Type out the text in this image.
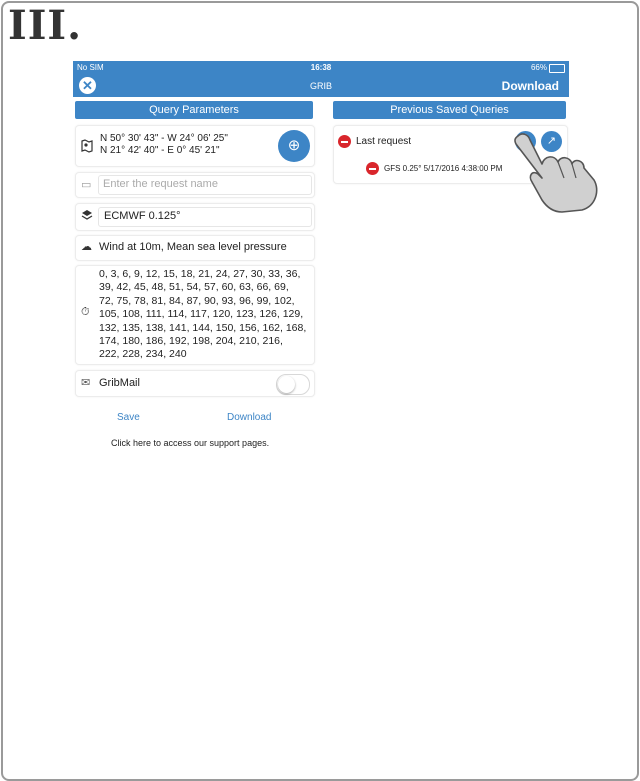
III.
No SIM	16:38	66%
✕	GRIB	Download
Query Parameters
N 50° 30' 43" - W 24° 06' 25"
N 21° 42' 40" - E 0° 45' 21"	⊕
▭ Enter the request name
ECMWF 0.125°
☁ Wind at 10m, Mean sea level pressure
⏱
0, 3, 6, 9, 12, 15, 18, 21, 24, 27, 30, 33, 36,
39, 42, 45, 48, 51, 54, 57, 60, 63, 66, 69,
72, 75, 78, 81, 84, 87, 90, 93, 96, 99, 102,
105, 108, 111, 114, 117, 120, 123, 126, 129,
132, 135, 138, 141, 144, 150, 156, 162, 168,
174, 180, 186, 192, 198, 204, 210, 216,
222, 228, 234, 240
✉ GribMail
Save	Download
Click here to access our support pages.
Previous Saved Queries
Last request	↗
GFS 0.25° 5/17/2016 4:38:00 PM
